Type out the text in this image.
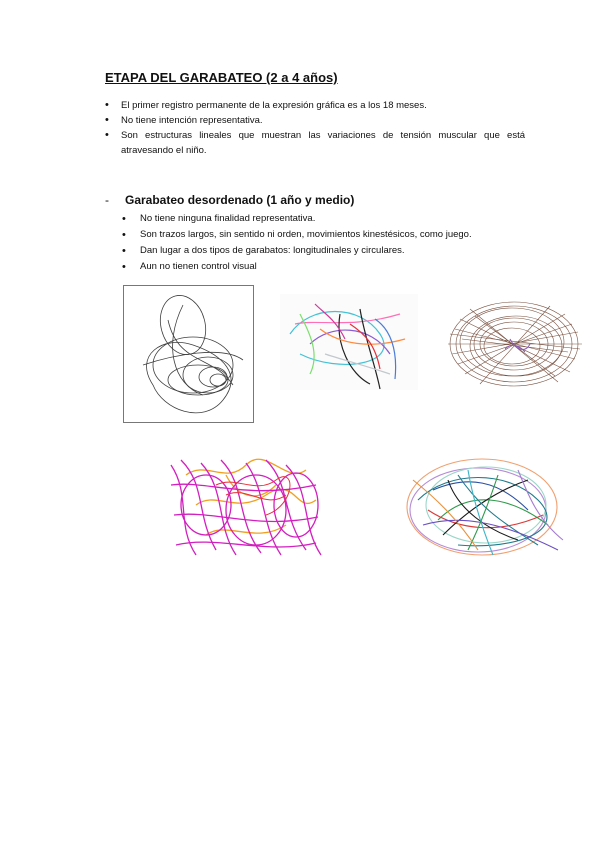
ETAPA DEL GARABATEO (2 a 4 años)
• El primer registro permanente de la expresión gráfica es a los 18 meses.
• No tiene intención representativa.
• Son estructuras lineales que muestran las variaciones de tensión muscular que está atravesando el niño.
- Garabateo desordenado (1 año y medio)
• No tiene ninguna finalidad representativa.
• Son trazos largos, sin sentido ni orden, movimientos kinestésicos, como juego.
• Dan lugar a dos tipos de garabatos: longitudinales y circulares.
• Aun no tienen control visual
